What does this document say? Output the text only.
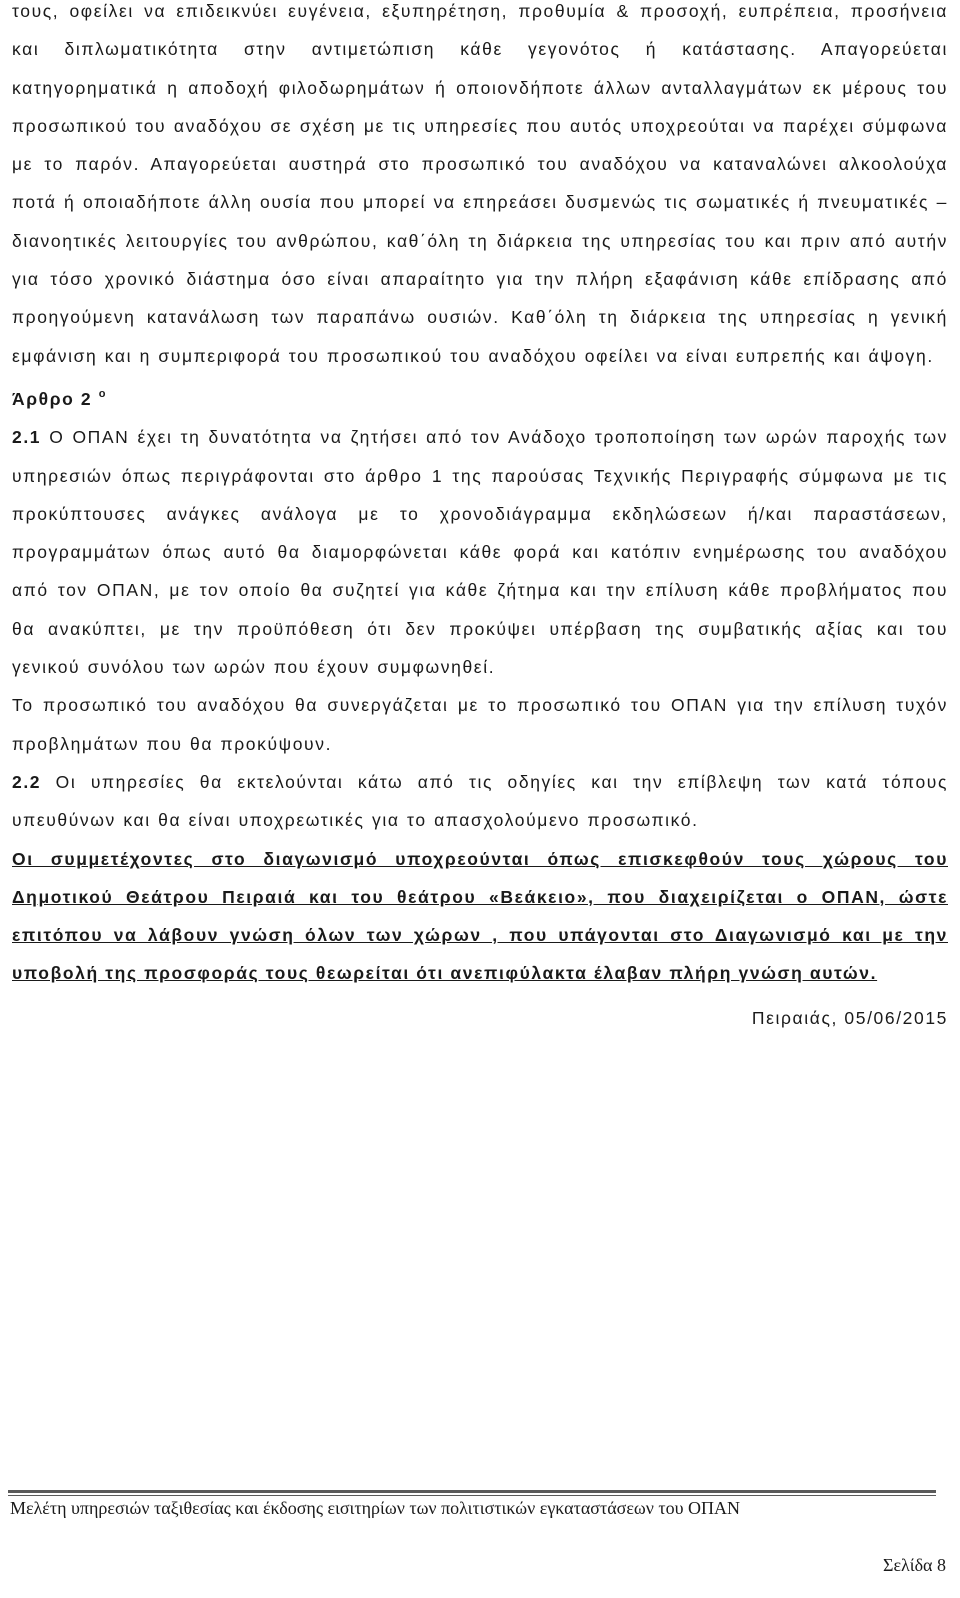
τους, οφείλει να επιδεικνύει ευγένεια, εξυπηρέτηση, προθυμία & προσοχή, ευπρέπεια, προσήνεια και διπλωματικότητα στην αντιμετώπιση κάθε γεγονότος ή κατάστασης. Απαγορεύεται κατηγορηματικά η αποδοχή φιλοδωρημάτων ή οποιονδήποτε άλλων ανταλλαγμάτων εκ μέρους του προσωπικού του αναδόχου σε σχέση με τις υπηρεσίες που αυτός υποχρεούται να παρέχει σύμφωνα με το παρόν. Απαγορεύεται αυστηρά στο προσωπικό του αναδόχου να καταναλώνει αλκοολούχα ποτά ή οποιαδήποτε άλλη ουσία που μπορεί να επηρεάσει δυσμενώς τις σωματικές ή πνευματικές – διανοητικές λειτουργίες του ανθρώπου, καθ΄όλη τη διάρκεια της υπηρεσίας του και πριν από αυτήν για τόσο χρονικό διάστημα όσο είναι απαραίτητο για την πλήρη εξαφάνιση κάθε επίδρασης από προηγούμενη κατανάλωση των παραπάνω ουσιών. Καθ΄όλη τη διάρκεια της υπηρεσίας η γενική εμφάνιση και η συμπεριφορά του προσωπικού του αναδόχου οφείλει να είναι ευπρεπής και άψογη.

Άρθρο 2 $^o$

2.1 Ο ΟΠΑΝ έχει τη δυνατότητα να ζητήσει από τον Ανάδοχο τροποποίηση των ωρών παροχής των υπηρεσιών όπως περιγράφονται στο άρθρο 1 της παρούσας Τεχνικής Περιγραφής σύμφωνα με τις προκύπτουσες ανάγκες ανάλογα με το χρονοδιάγραμμα εκδηλώσεων ή/και παραστάσεων, προγραμμάτων όπως αυτό θα διαμορφώνεται κάθε φορά και κατόπιν ενημέρωσης του αναδόχου από τον ΟΠΑΝ, με τον οποίο θα συζητεί για κάθε ζήτημα και την επίλυση κάθε προβλήματος που θα ανακύπτει, με την προϋπόθεση ότι δεν προκύψει υπέρβαση της συμβατικής αξίας και του γενικού συνόλου των ωρών που έχουν συμφωνηθεί.

Το προσωπικό του αναδόχου θα συνεργάζεται με το προσωπικό του ΟΠΑΝ για την επίλυση τυχόν προβλημάτων που θα προκύψουν.

2.2 Οι υπηρεσίες θα εκτελούνται κάτω από τις οδηγίες και την επίβλεψη των κατά τόπους υπευθύνων και θα είναι υποχρεωτικές για το απασχολούμενο προσωπικό.

Οι συμμετέχοντες στο διαγωνισμό υποχρεούνται όπως επισκεφθούν τους χώρους του Δημοτικού Θεάτρου Πειραιά και του θεάτρου «Βεάκειο», που διαχειρίζεται ο ΟΠΑΝ, ώστε επιτόπου να λάβουν γνώση όλων των χώρων , που υπάγονται στο Διαγωνισμό και με την υποβολή της προσφοράς τους θεωρείται ότι ανεπιφύλακτα έλαβαν πλήρη γνώση αυτών.

Πειραιάς, 05/06/2015

Μελέτη υπηρεσιών ταξιθεσίας και έκδοσης εισιτηρίων των πολιτιστικών εγκαταστάσεων του ΟΠΑΝ
Σελίδα 8
